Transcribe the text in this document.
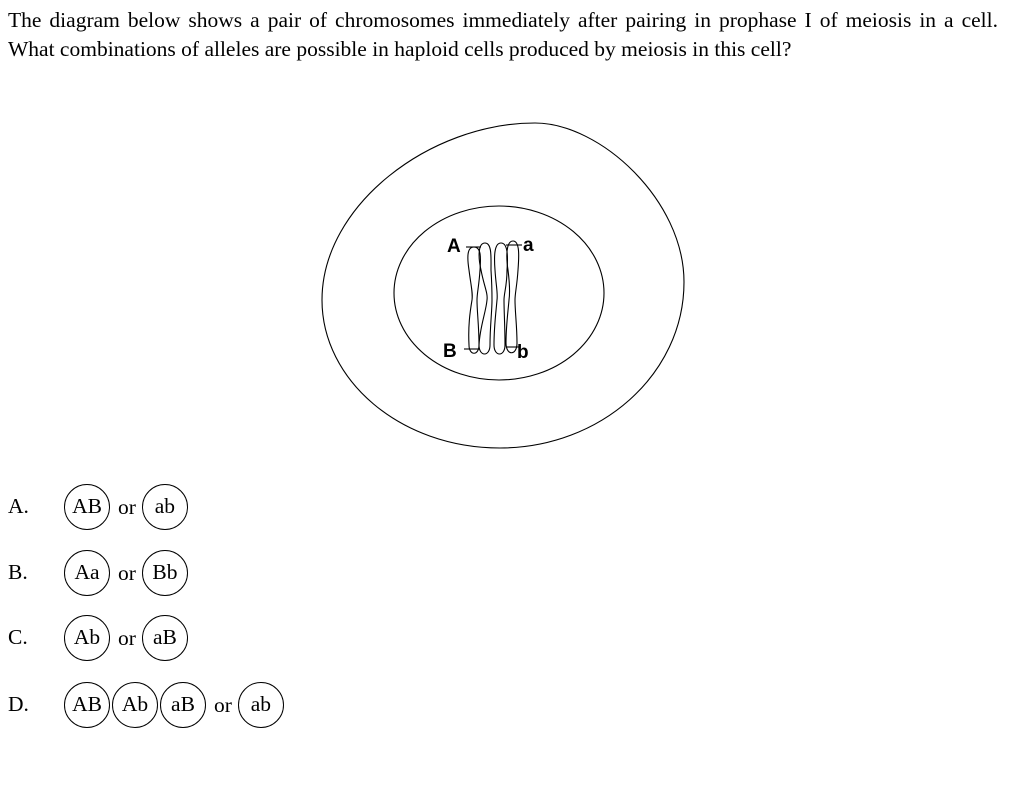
The diagram below shows a pair of chromosomes immediately after pairing in prophase I of meiosis in a cell. What combinations of alleles are possible in haploid cells produced by meiosis in this cell?

A	a
B	b
A.	AB or ab
B.	Aa or Bb
C.	Ab or aB
D.	AB Ab	aB or ab
